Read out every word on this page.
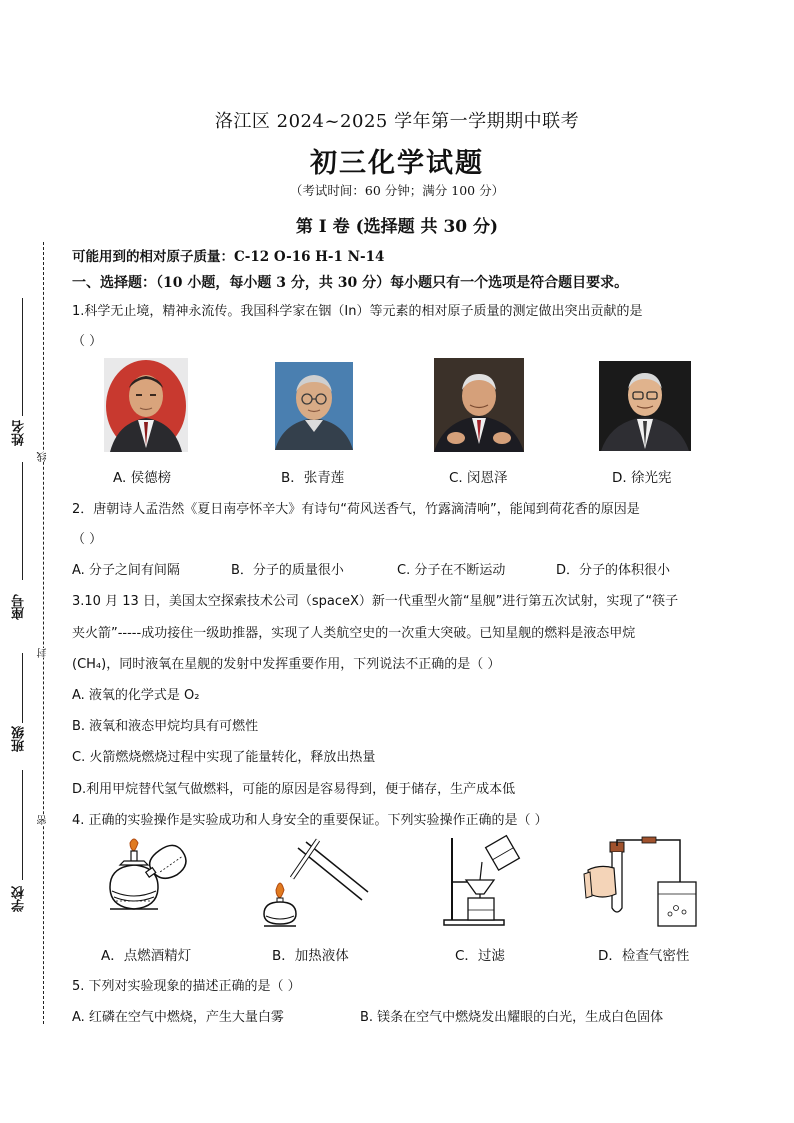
洛江区 2024~2025 学年第一学期期中联考
初三化学试题
（考试时间：60 分钟；满分 100 分）
第 I 卷 (选择题 共 30 分)
姓名
座号
班级
学校
线
封
密
可能用到的相对原子质量：C-12 O-16 H-1 N-14
一、选择题：（10 小题，每小题 3 分，共 30 分）每小题只有一个选项是符合题目要求。
1.科学无止境，精神永流传。我国科学家在铟（In）等元素的相对原子质量的测定做出突出贡献的是
（ ）
A. 侯德榜	B．张青莲	C. 闵恩泽	D. 徐光宪
2．唐朝诗人孟浩然《夏日南亭怀辛大》有诗句“荷风送香气，竹露滴清响”，能闻到荷花香的原因是
（ ）
A. 分子之间有间隔	B．分子的质量很小	C. 分子在不断运动	D．分子的体积很小
3.10 月 13 日，美国太空探索技术公司（spaceX）新一代重型火箭“星舰”进行第五次试射，实现了“筷子
夹火箭”-----成功接住一级助推器，实现了人类航空史的一次重大突破。已知星舰的燃料是液态甲烷
(CH₄)，同时液氧在星舰的发射中发挥重要作用，下列说法不正确的是（ ）
A. 液氧的化学式是 O₂
B. 液氧和液态甲烷均具有可燃性
C. 火箭燃烧燃烧过程中实现了能量转化，释放出热量
D.利用甲烷替代氢气做燃料，可能的原因是容易得到，便于储存，生产成本低
4. 正确的实验操作是实验成功和人身安全的重要保证。下列实验操作正确的是（ ）
A．点燃酒精灯	B．加热液体	C．过滤	D．检查气密性
5. 下列对实验现象的描述正确的是（ ）
A. 红磷在空气中燃烧，产生大量白雾	B. 镁条在空气中燃烧发出耀眼的白光，生成白色固体
